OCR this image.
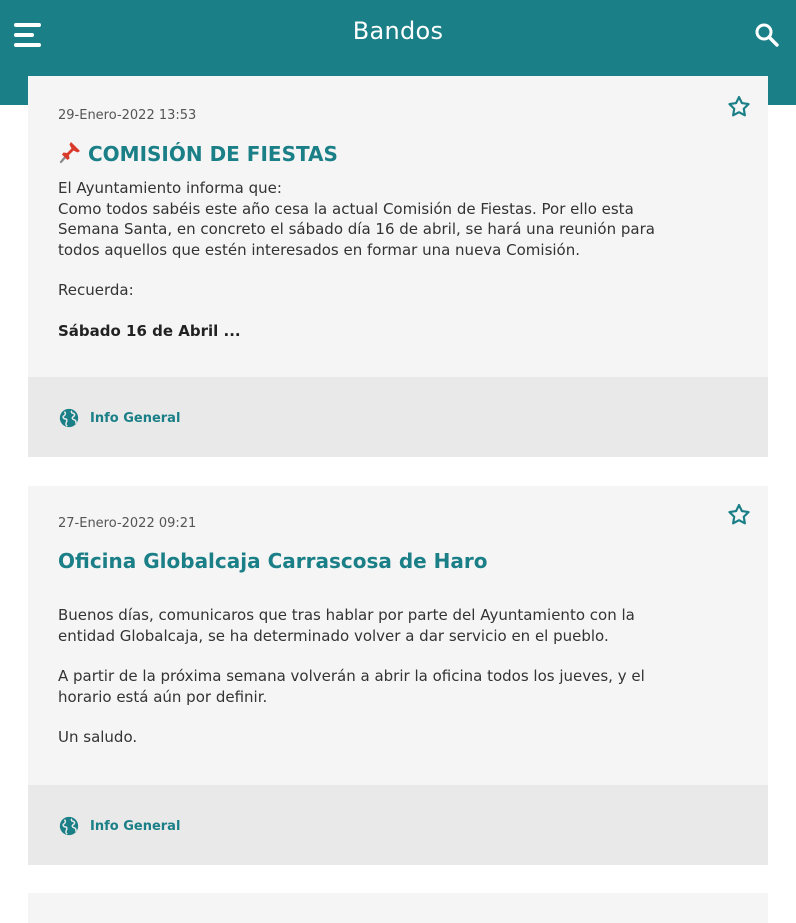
Bandos
29-Enero-2022 13:53
COMISIÓN DE FIESTAS

El Ayuntamiento informa que:

Como todos sabéis este año cesa la actual Comisión de Fiestas. Por ello esta

Semana Santa, en concreto el sábado día 16 de abril, se hará una reunión para

todos aquellos que estén interesados en formar una nueva Comisión.

Recuerda:

Sábado 16 de Abril ...

Info General
27-Enero-2022 09:21
Oficina Globalcaja Carrascosa de Haro

Buenos días, comunicaros que tras hablar por parte del Ayuntamiento con la

entidad Globalcaja, se ha determinado volver a dar servicio en el pueblo.

A partir de la próxima semana volverán a abrir la oficina todos los jueves, y el

horario está aún por definir.

Un saludo.

Info General
